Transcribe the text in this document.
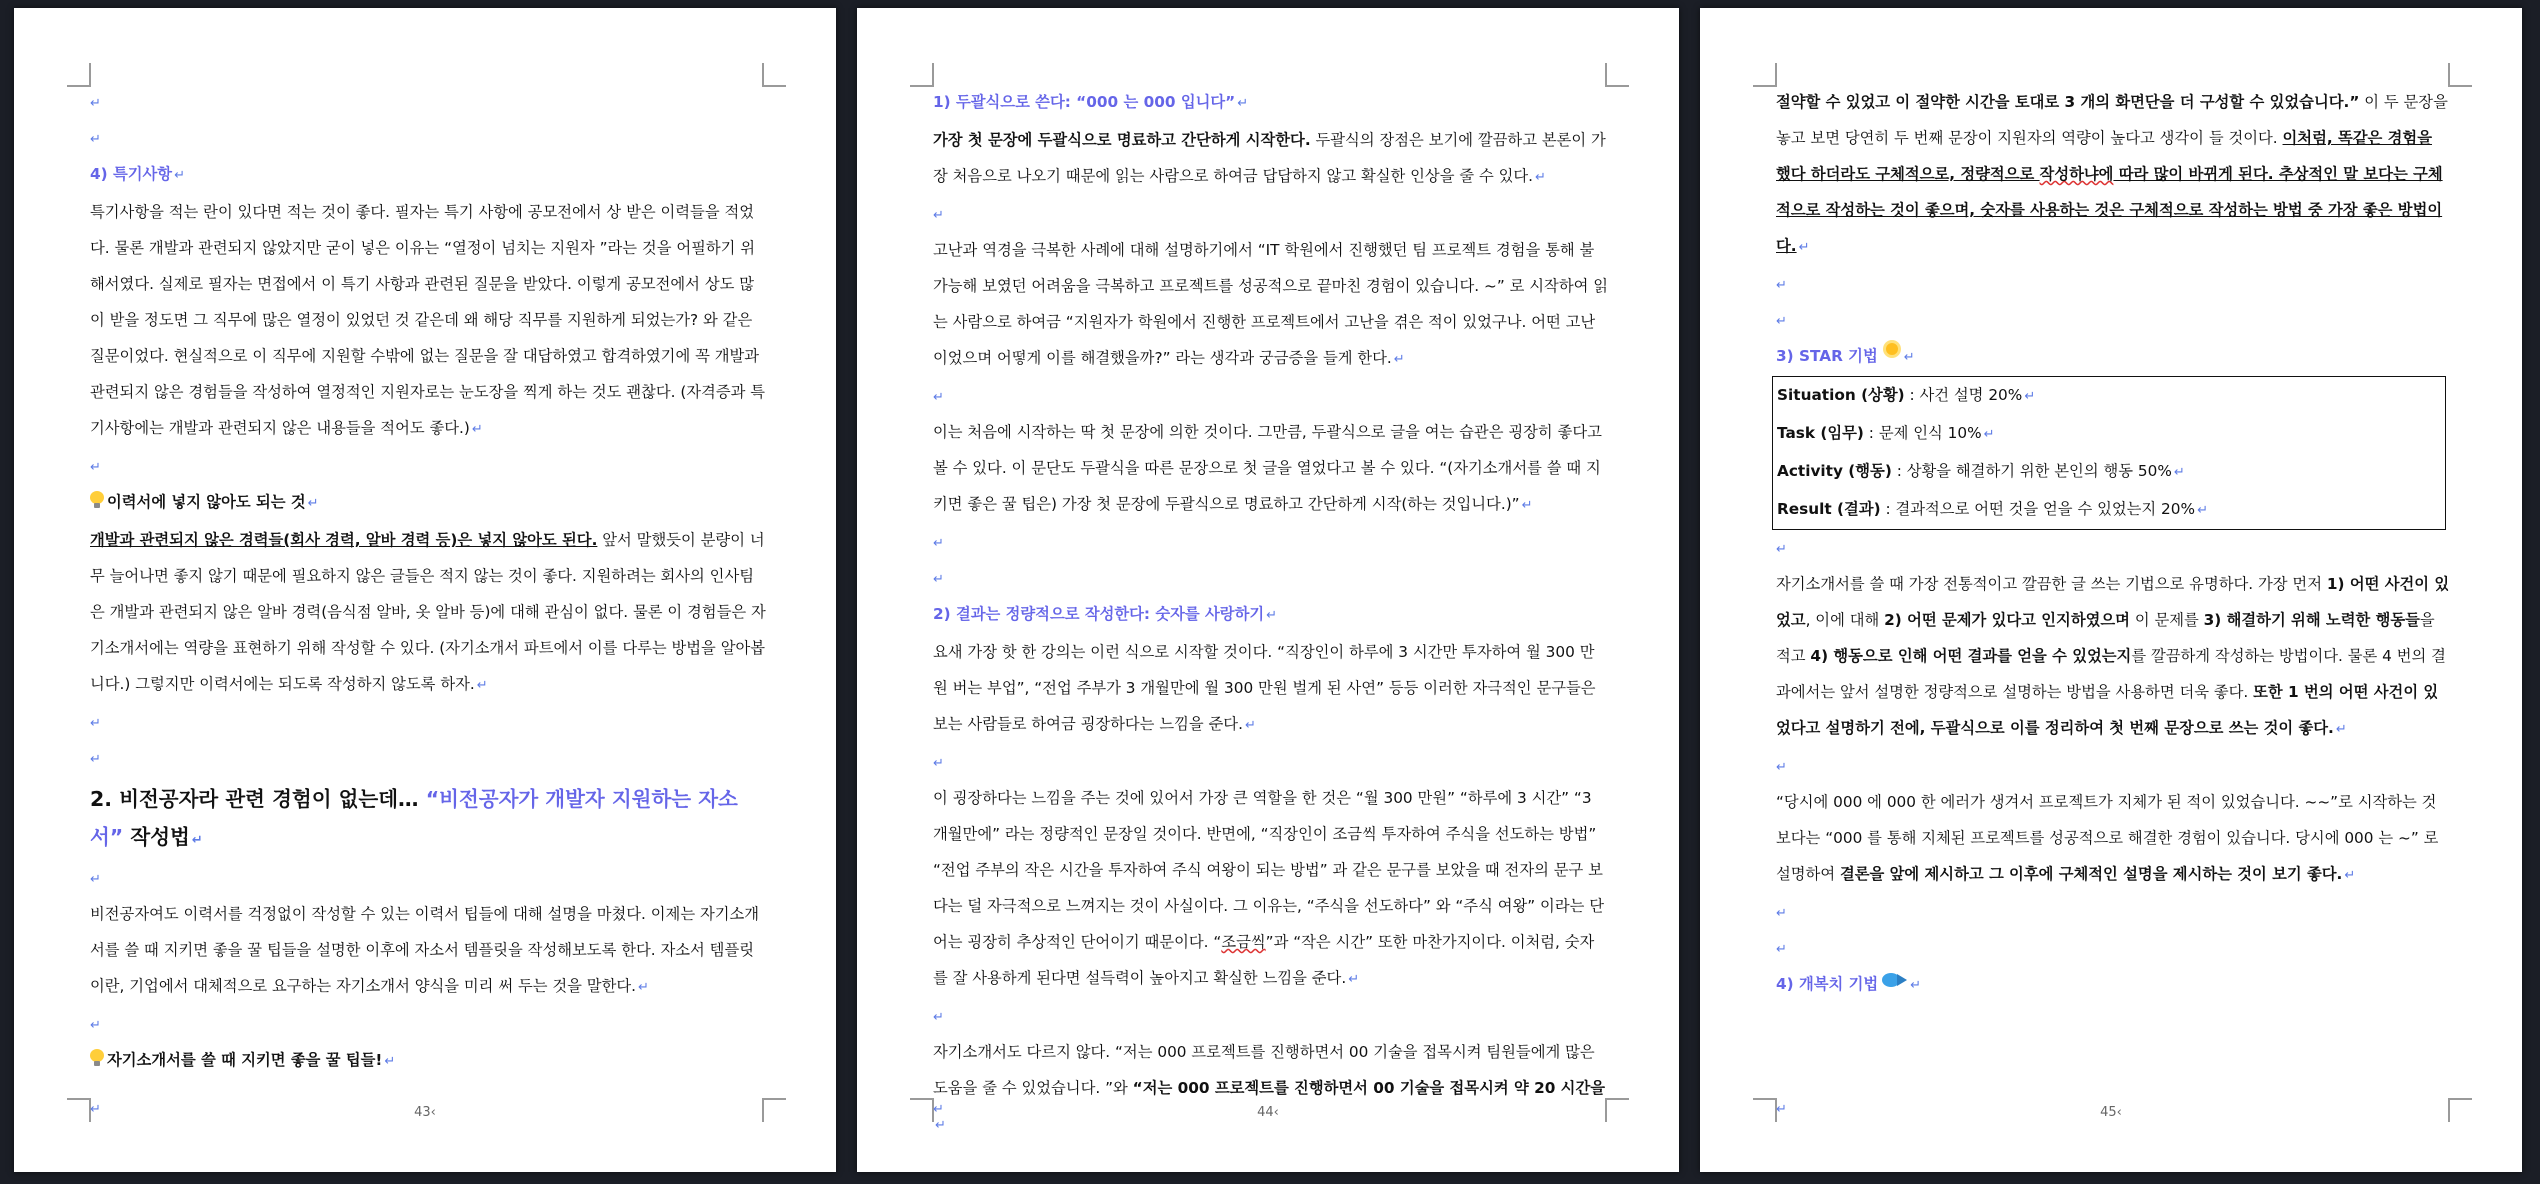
↵

↵

4) 특기사항 ↵

특기사항을 적는 란이 있다면 적는 것이 좋다. 필자는 특기 사항에 공모전에서 상 받은 이력들을 적었다. 물론 개발과 관련되지 않았지만 굳이 넣은 이유는 “열정이 넘치는 지원자 ”라는 것을 어필하기 위해서였다. 실제로 필자는 면접에서 이 특기 사항과 관련된 질문을 받았다. 이렇게 공모전에서 상도 많이 받을 정도면 그 직무에 많은 열정이 있었던 것 같은데 왜 해당 직무를 지원하게 되었는가? 와 같은 질문이었다. 현실적으로 이 직무에 지원할 수밖에 없는 질문을 잘 대답하였고 합격하였기에 꼭 개발과 관련되지 않은 경험들을 작성하여 열정적인 지원자로는 눈도장을 찍게 하는 것도 괜찮다. (자격증과 특기사항에는 개발과 관련되지 않은 내용들을 적어도 좋다.) ↵

↵

이력서에 넣지 않아도 되는 것 ↵

개발과 관련되지 않은 경력들(회사 경력, 알바 경력 등)은 넣지 않아도 된다. 앞서 말했듯이 분량이 너무 늘어나면 좋지 않기 때문에 필요하지 않은 글들은 적지 않는 것이 좋다. 지원하려는 회사의 인사팀은 개발과 관련되지 않은 알바 경력(음식점 알바, 옷 알바 등)에 대해 관심이 없다. 물론 이 경험들은 자기소개서에는 역량을 표현하기 위해 작성할 수 있다. (자기소개서 파트에서 이를 다루는 방법을 알아봅니다.) 그렇지만 이력서에는 되도록 작성하지 않도록 하자. ↵

↵

↵

2. 비전공자라 관련 경험이 없는데… “비전공자가 개발자 지원하는 자소서” 작성법 ↵

↵

비전공자여도 이력서를 걱정없이 작성할 수 있는 이력서 팁들에 대해 설명을 마쳤다. 이제는 자기소개서를 쓸 때 지키면 좋을 꿀 팁들을 설명한 이후에 자소서 템플릿을 작성해보도록 한다. 자소서 템플릿이란, 기업에서 대체적으로 요구하는 자기소개서 양식을 미리 써 두는 것을 말한다. ↵

↵

자기소개서를 쓸 때 지키면 좋을 꿀 팁들! ↵

↵	43‹

1) 두괄식으로 쓴다: “000 는 000 입니다” ↵

가장 첫 문장에 두괄식으로 명료하고 간단하게 시작한다. 두괄식의 장점은 보기에 깔끔하고 본론이 가장 처음으로 나오기 때문에 읽는 사람으로 하여금 답답하지 않고 확실한 인상을 줄 수 있다. ↵

↵

고난과 역경을 극복한 사례에 대해 설명하기에서 “IT 학원에서 진행했던 팀 프로젝트 경험을 통해 불가능해 보였던 어려움을 극복하고 프로젝트를 성공적으로 끝마친 경험이 있습니다. ~” 로 시작하여 읽는 사람으로 하여금 “지원자가 학원에서 진행한 프로젝트에서 고난을 겪은 적이 있었구나. 어떤 고난이었으며 어떻게 이를 해결했을까?” 라는 생각과 궁금증을 들게 한다. ↵

↵

이는 처음에 시작하는 딱 첫 문장에 의한 것이다. 그만큼, 두괄식으로 글을 여는 습관은 굉장히 좋다고 볼 수 있다. 이 문단도 두괄식을 따른 문장으로 첫 글을 열었다고 볼 수 있다. “(자기소개서를 쓸 때 지키면 좋은 꿀 팁은) 가장 첫 문장에 두괄식으로 명료하고 간단하게 시작(하는 것입니다.)” ↵

↵

↵

2) 결과는 정량적으로 작성한다: 숫자를 사랑하기 ↵

요새 가장 핫 한 강의는 이런 식으로 시작할 것이다. “직장인이 하루에 3 시간만 투자하여 월 300 만원 버는 부업”, “전업 주부가 3 개월만에 월 300 만원 벌게 된 사연” 등등 이러한 자극적인 문구들은 보는 사람들로 하여금 굉장하다는 느낌을 준다. ↵

↵

이 굉장하다는 느낌을 주는 것에 있어서 가장 큰 역할을 한 것은 “월 300 만원” “하루에 3 시간” “3 개월만에” 라는 정량적인 문장일 것이다. 반면에, “직장인이 조금씩 투자하여 주식을 선도하는 방법” “전업 주부의 작은 시간을 투자하여 주식 여왕이 되는 방법” 과 같은 문구를 보았을 때 전자의 문구 보다는 덜 자극적으로 느껴지는 것이 사실이다. 그 이유는, “주식을 선도하다” 와 “주식 여왕” 이라는 단어는 굉장히 추상적인 단어이기 때문이다. “조금씩”과 “작은 시간” 또한 마찬가지이다. 이처럼, 숫자를 잘 사용하게 된다면 설득력이 높아지고 확실한 느낌을 준다. ↵

↵

자기소개서도 다르지 않다. “저는 000 프로젝트를 진행하면서 00 기술을 접목시켜 팀원들에게 많은 도움을 줄 수 있었습니다. ”와 “저는 000 프로젝트를 진행하면서 00 기술을 접목시켜 약 20 시간을↵

↵	44‹

절약할 수 있었고 이 절약한 시간을 토대로 3 개의 화면단을 더 구성할 수 있었습니다.” 이 두 문장을 놓고 보면 당연히 두 번째 문장이 지원자의 역량이 높다고 생각이 들 것이다. 이처럼, 똑같은 경험을 했다 하더라도 구체적으로, 정량적으로 작성하냐에 따라 많이 바뀌게 된다. 추상적인 말 보다는 구체적으로 작성하는 것이 좋으며, 숫자를 사용하는 것은 구체적으로 작성하는 방법 중 가장 좋은 방법이다. ↵

↵

↵

3) STAR 기법 ↵

Situation (상황) : 사건 설명 20% ↵

Task (임무) : 문제 인식 10% ↵

Activity (행동) : 상황을 해결하기 위한 본인의 행동 50% ↵

Result (결과) : 결과적으로 어떤 것을 얻을 수 있었는지 20% ↵

↵

자기소개서를 쓸 때 가장 전통적이고 깔끔한 글 쓰는 기법으로 유명하다. 가장 먼저 1) 어떤 사건이 있었고, 이에 대해 2) 어떤 문제가 있다고 인지하였으며 이 문제를 3) 해결하기 위해 노력한 행동들을 적고 4) 행동으로 인해 어떤 결과를 얻을 수 있었는지를 깔끔하게 작성하는 방법이다. 물론 4 번의 결과에서는 앞서 설명한 정량적으로 설명하는 방법을 사용하면 더욱 좋다. 또한 1 번의 어떤 사건이 있었다고 설명하기 전에, 두괄식으로 이를 정리하여 첫 번째 문장으로 쓰는 것이 좋다. ↵

↵

“당시에 000 에 000 한 에러가 생겨서 프로젝트가 지체가 된 적이 있었습니다. ~~”로 시작하는 것 보다는 “000 를 통해 지체된 프로젝트를 성공적으로 해결한 경험이 있습니다. 당시에 000 는 ~” 로 설명하여 결론을 앞에 제시하고 그 이후에 구체적인 설명을 제시하는 것이 보기 좋다. ↵

↵

↵

4) 개복치 기법 ↵

↵	45‹
